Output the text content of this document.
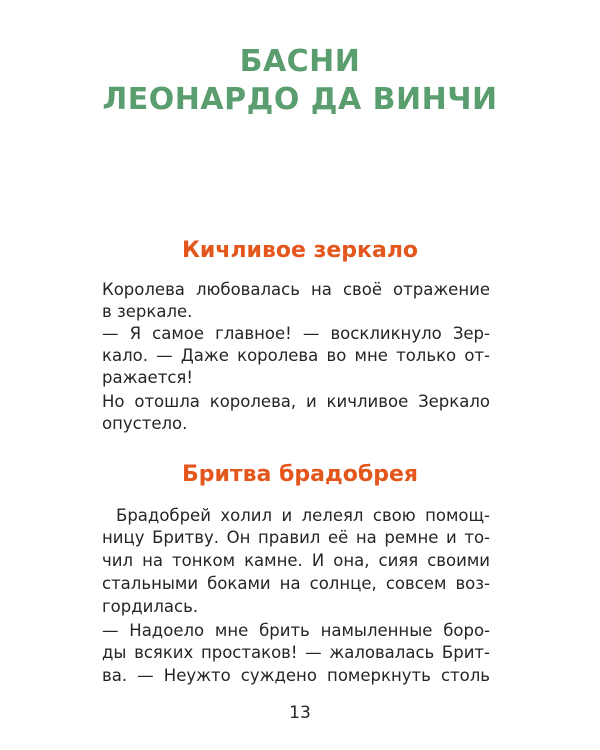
БАСНИ
ЛЕОНАРДО ДА ВИНЧИ
Кичливое зеркало
Королева любовалась на своё отражение
в зеркале.
— Я самое главное! — воскликнуло Зер-
кало. — Даже королева во мне только от-
ражается!
Но отошла королева, и кичливое Зеркало
опустело.
Бритва брадобрея
Брадобрей холил и лелеял свою помощ-
ницу Бритву. Он правил её на ремне и то-
чил на тонком камне. И она, сияя своими
стальными боками на солнце, совсем воз-
гордилась.
— Надоело мне брить намыленные боро-
ды всяких простаков! — жаловалась Брит-
ва. — Неужто суждено померкнуть столь
13
